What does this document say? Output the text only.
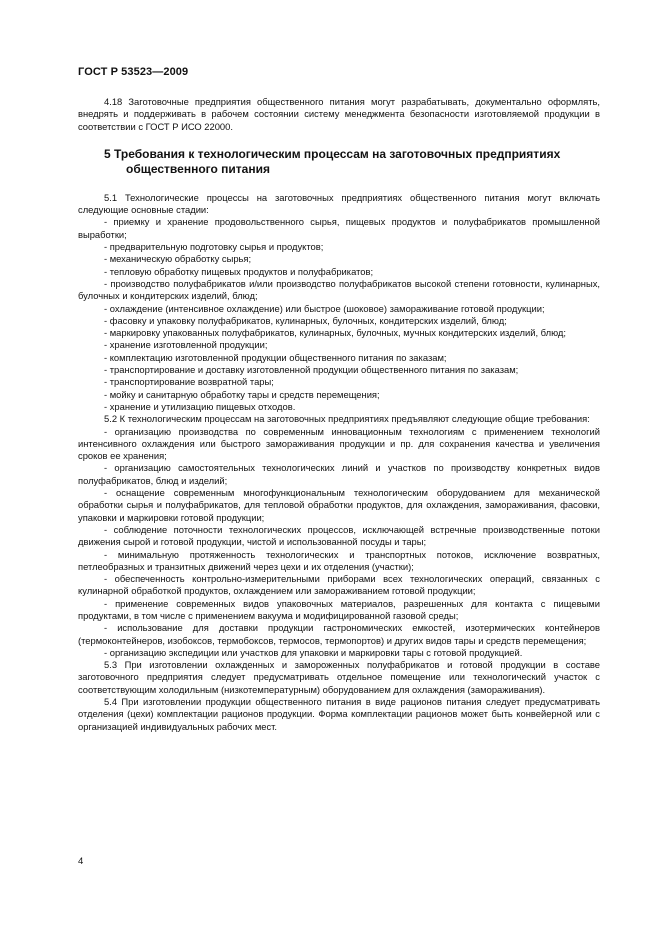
ГОСТ Р 53523—2009

4.18 Заготовочные предприятия общественного питания могут разрабатывать, документально оформлять, внедрять и поддерживать в рабочем состоянии систему менеджмента безопасности изготовляемой продукции в соответствии с ГОСТ Р ИСО 22000.

5 Требования к технологическим процессам на заготовочных предприятиях общественного питания

5.1 Технологические процессы на заготовочных предприятиях общественного питания могут включать следующие основные стадии:

- приемку и хранение продовольственного сырья, пищевых продуктов и полуфабрикатов промышленной выработки;

- предварительную подготовку сырья и продуктов;

- механическую обработку сырья;

- тепловую обработку пищевых продуктов и полуфабрикатов;

- производство полуфабрикатов и/или производство полуфабрикатов высокой степени готовности, кулинарных, булочных и кондитерских изделий, блюд;

- охлаждение (интенсивное охлаждение) или быстрое (шоковое) замораживание готовой продукции;

- фасовку и упаковку полуфабрикатов, кулинарных, булочных, кондитерских изделий, блюд;

- маркировку упакованных полуфабрикатов, кулинарных, булочных, мучных кондитерских изделий, блюд;

- хранение изготовленной продукции;

- комплектацию изготовленной продукции общественного питания по заказам;

- транспортирование и доставку изготовленной продукции общественного питания по заказам;

- транспортирование возвратной тары;

- мойку и санитарную обработку тары и средств перемещения;

- хранение и утилизацию пищевых отходов.

5.2 К технологическим процессам на заготовочных предприятиях предъявляют следующие общие требования:

- организацию производства по современным инновационным технологиям с применением технологий интенсивного охлаждения или быстрого замораживания продукции и пр. для сохранения качества и увеличения сроков ее хранения;

- организацию самостоятельных технологических линий и участков по производству конкретных видов полуфабрикатов, блюд и изделий;

- оснащение современным многофункциональным технологическим оборудованием для механической обработки сырья и полуфабрикатов, для тепловой обработки продуктов, для охлаждения, замораживания, фасовки, упаковки и маркировки готовой продукции;

- соблюдение поточности технологических процессов, исключающей встречные производственные потоки движения сырой и готовой продукции, чистой и использованной посуды и тары;

- минимальную протяженность технологических и транспортных потоков, исключение возвратных, петлеобразных и транзитных движений через цехи и их отделения (участки);

- обеспеченность контрольно-измерительными приборами всех технологических операций, связанных с кулинарной обработкой продуктов, охлаждением или замораживанием готовой продукции;

- применение современных видов упаковочных материалов, разрешенных для контакта с пищевыми продуктами, в том числе с применением вакуума и модифицированной газовой среды;

- использование для доставки продукции гастрономических емкостей, изотермических контейнеров (термоконтейнеров, изобоксов, термобоксов, термосов, термопортов) и других видов тары и средств перемещения;

- организацию экспедиции или участков для упаковки и маркировки тары с готовой продукцией.

5.3 При изготовлении охлажденных и замороженных полуфабрикатов и готовой продукции в составе заготовочного предприятия следует предусматривать отдельное помещение или технологический участок с соответствующим холодильным (низкотемпературным) оборудованием для охлаждения (замораживания).

5.4 При изготовлении продукции общественного питания в виде рационов питания следует предусматривать отделения (цехи) комплектации рационов продукции. Форма комплектации рационов может быть конвейерной или с организацией индивидуальных рабочих мест.

4
